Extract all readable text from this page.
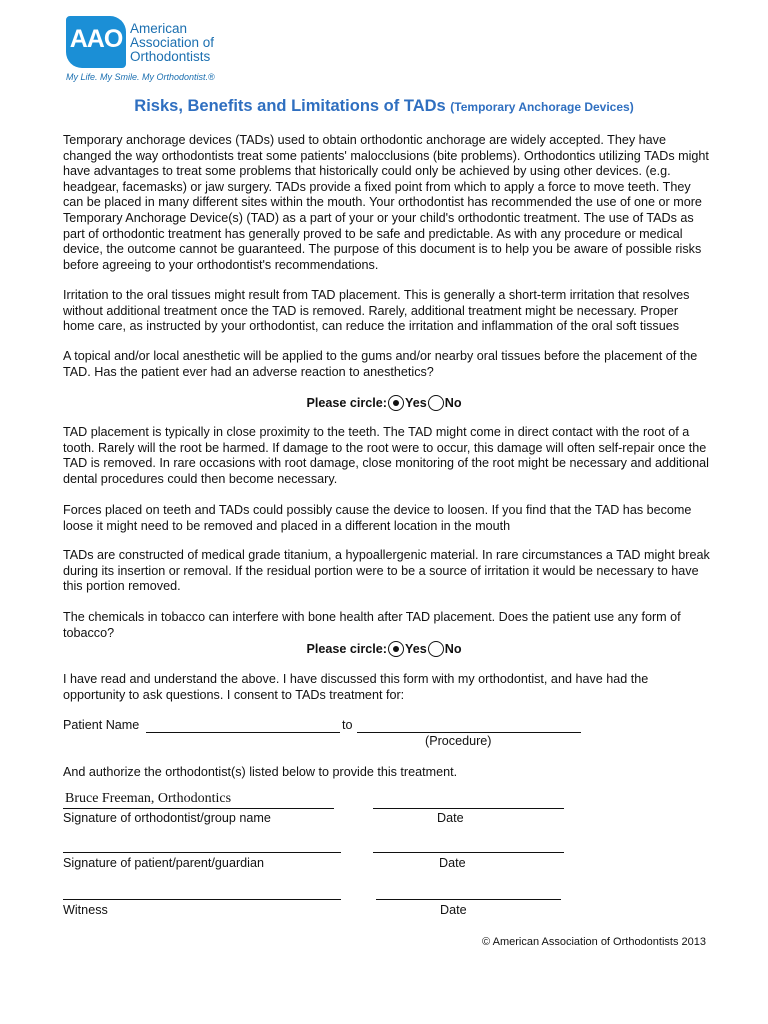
AAO American
Association of
Orthodontists
My Life. My Smile. My Orthodontist.®
Risks, Benefits and Limitations of TADs (Temporary Anchorage Devices)

Temporary anchorage devices (TADs) used to obtain orthodontic anchorage are widely accepted. They have changed the way orthodontists treat some patients' malocclusions (bite problems). Orthodontics utilizing TADs might have advantages to treat some problems that historically could only be achieved by using other devices. (e.g. headgear, facemasks) or jaw surgery. TADs provide a fixed point from which to apply a force to move teeth. They can be placed in many different sites within the mouth. Your orthodontist has recommended the use of one or more Temporary Anchorage Device(s) (TAD) as a part of your or your child's orthodontic treatment. The use of TADs as part of orthodontic treatment has generally proved to be safe and predictable. As with any procedure or medical device, the outcome cannot be guaranteed. The purpose of this document is to help you be aware of possible risks before agreeing to your orthodontist's recommendations.

Irritation to the oral tissues might result from TAD placement. This is generally a short-term irritation that resolves without additional treatment once the TAD is removed. Rarely, additional treatment might be necessary. Proper home care, as instructed by your orthodontist, can reduce the irritation and inflammation of the oral soft tissues

A topical and/or local anesthetic will be applied to the gums and/or nearby oral tissues before the placement of the TAD. Has the patient ever had an adverse reaction to anesthetics?

Please circle: Yes No

TAD placement is typically in close proximity to the teeth. The TAD might come in direct contact with the root of a tooth. Rarely will the root be harmed. If damage to the root were to occur, this damage will often self-repair once the TAD is removed. In rare occasions with root damage, close monitoring of the root might be necessary and additional dental procedures could then become necessary.

Forces placed on teeth and TADs could possibly cause the device to loosen. If you find that the TAD has become loose it might need to be removed and placed in a different location in the mouth

TADs are constructed of medical grade titanium, a hypoallergenic material. In rare circumstances a TAD might break during its insertion or removal. If the residual portion were to be a source of irritation it would be necessary to have this portion removed.

The chemicals in tobacco can interfere with bone health after TAD placement. Does the patient use any form of tobacco?

Please circle: Yes No

I have read and understand the above. I have discussed this form with my orthodontist, and have had the opportunity to ask questions. I consent to TADs treatment for:

Patient Name	to
(Procedure)

And authorize the orthodontist(s) listed below to provide this treatment.

Bruce Freeman, Orthodontics
Signature of orthodontist/group name	Date
Signature of patient/parent/guardian	Date
Witness	Date
© American Association of Orthodontists 2013
